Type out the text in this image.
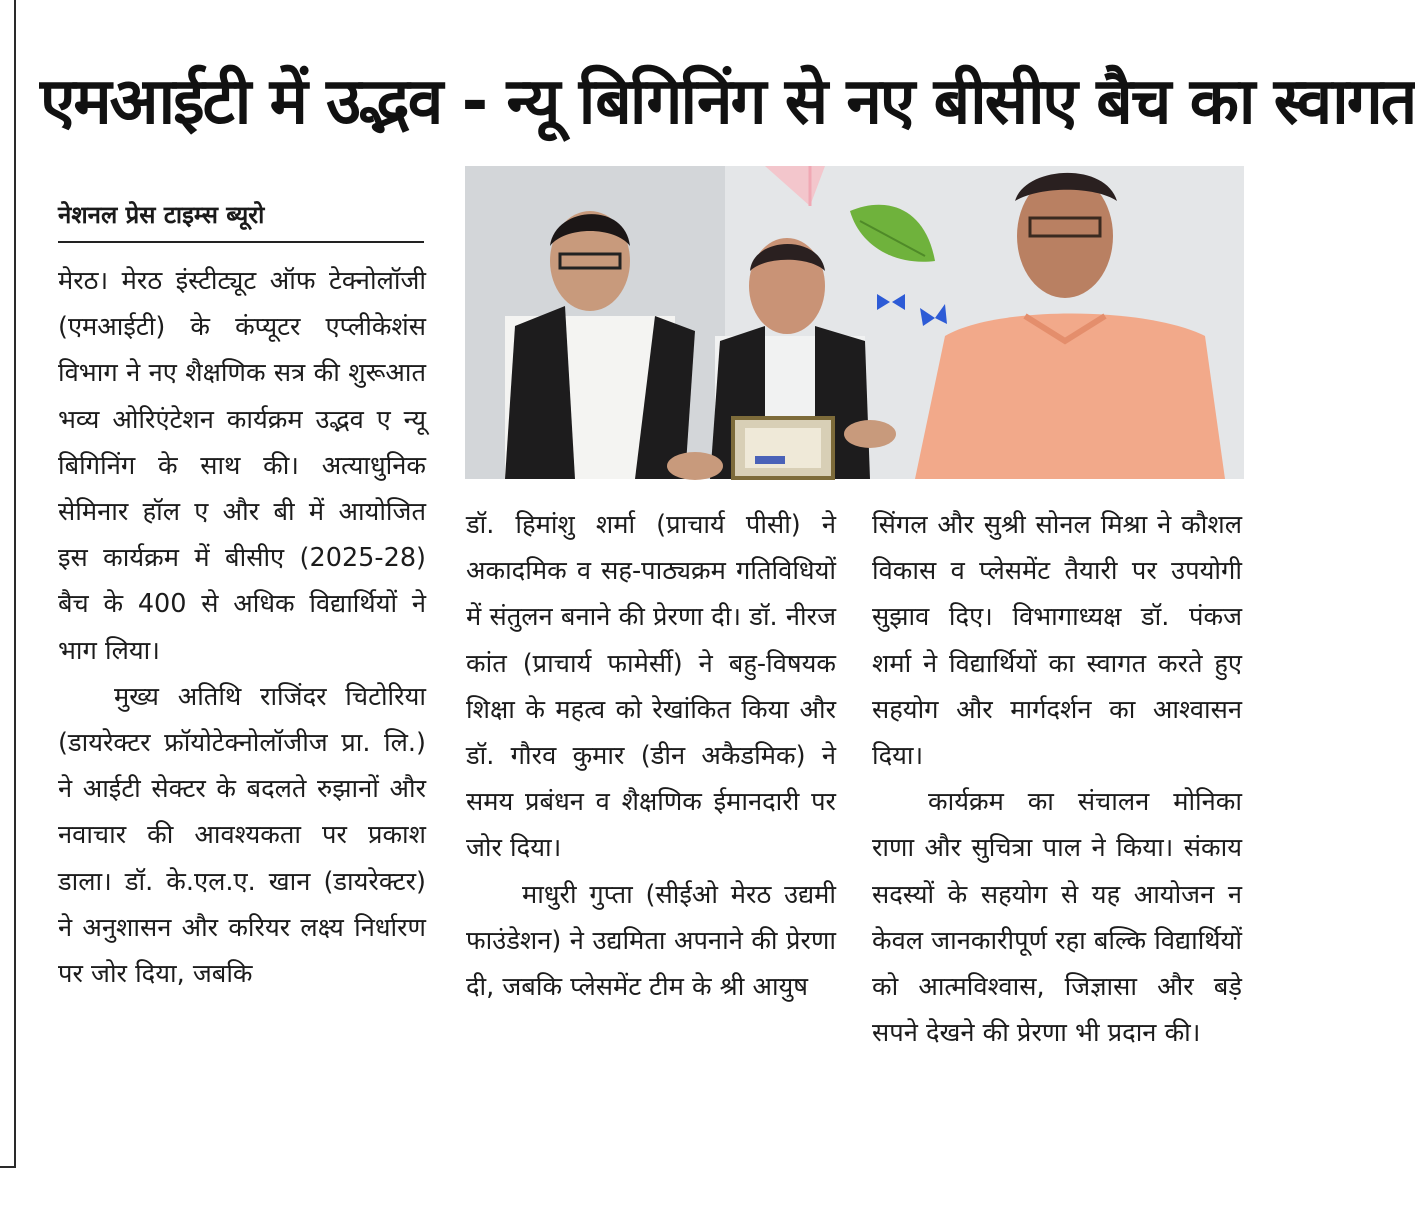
एमआईटी में उद्भव - न्यू बिगिनिंग से नए बीसीए बैच का स्वागत
नेशनल प्रेस टाइम्स ब्यूरो

मेरठ। मेरठ इंस्टीट्यूट ऑफ टेक्नोलॉजी (एमआईटी) के कंप्यूटर एप्लीकेशंस विभाग ने नए शैक्षणिक सत्र की शुरूआत भव्य ओरिएंटेशन कार्यक्रम उद्भव ए न्यू बिगिनिंग के साथ की। अत्याधुनिक सेमिनार हॉल ए और बी में आयोजित इस कार्यक्रम में बीसीए (2025-28) बैच के 400 से अधिक विद्यार्थियों ने भाग लिया।

मुख्य अतिथि राजिंदर चिटोरिया (डायरेक्टर फ्रॉयोटेक्नोलॉजीज प्रा. लि.) ने आईटी सेक्टर के बदलते रुझानों और नवाचार की आवश्यकता पर प्रकाश डाला। डॉ. के.एल.ए. खान (डायरेक्टर) ने अनुशासन और करियर लक्ष्य निर्धारण पर जोर दिया, जबकि

डॉ. हिमांशु शर्मा (प्राचार्य पीसी) ने अकादमिक व सह-पाठ्यक्रम गतिविधियों में संतुलन बनाने की प्रेरणा दी। डॉ. नीरज कांत (प्राचार्य फामेर्सी) ने बहु-विषयक शिक्षा के महत्व को रेखांकित किया और डॉ. गौरव कुमार (डीन अकैडमिक) ने समय प्रबंधन व शैक्षणिक ईमानदारी पर जोर दिया।

माधुरी गुप्ता (सीईओ मेरठ उद्यमी फाउंडेशन) ने उद्यमिता अपनाने की प्रेरणा दी, जबकि प्लेसमेंट टीम के श्री आयुष

सिंगल और सुश्री सोनल मिश्रा ने कौशल विकास व प्लेसमेंट तैयारी पर उपयोगी सुझाव दिए। विभागाध्यक्ष डॉ. पंकज शर्मा ने विद्यार्थियों का स्वागत करते हुए सहयोग और मार्गदर्शन का आश्वासन दिया।

कार्यक्रम का संचालन मोनिका राणा और सुचित्रा पाल ने किया। संकाय सदस्यों के सहयोग से यह आयोजन न केवल जानकारीपूर्ण रहा बल्कि विद्यार्थियों को आत्मविश्वास, जिज्ञासा और बड़े सपने देखने की प्रेरणा भी प्रदान की।
